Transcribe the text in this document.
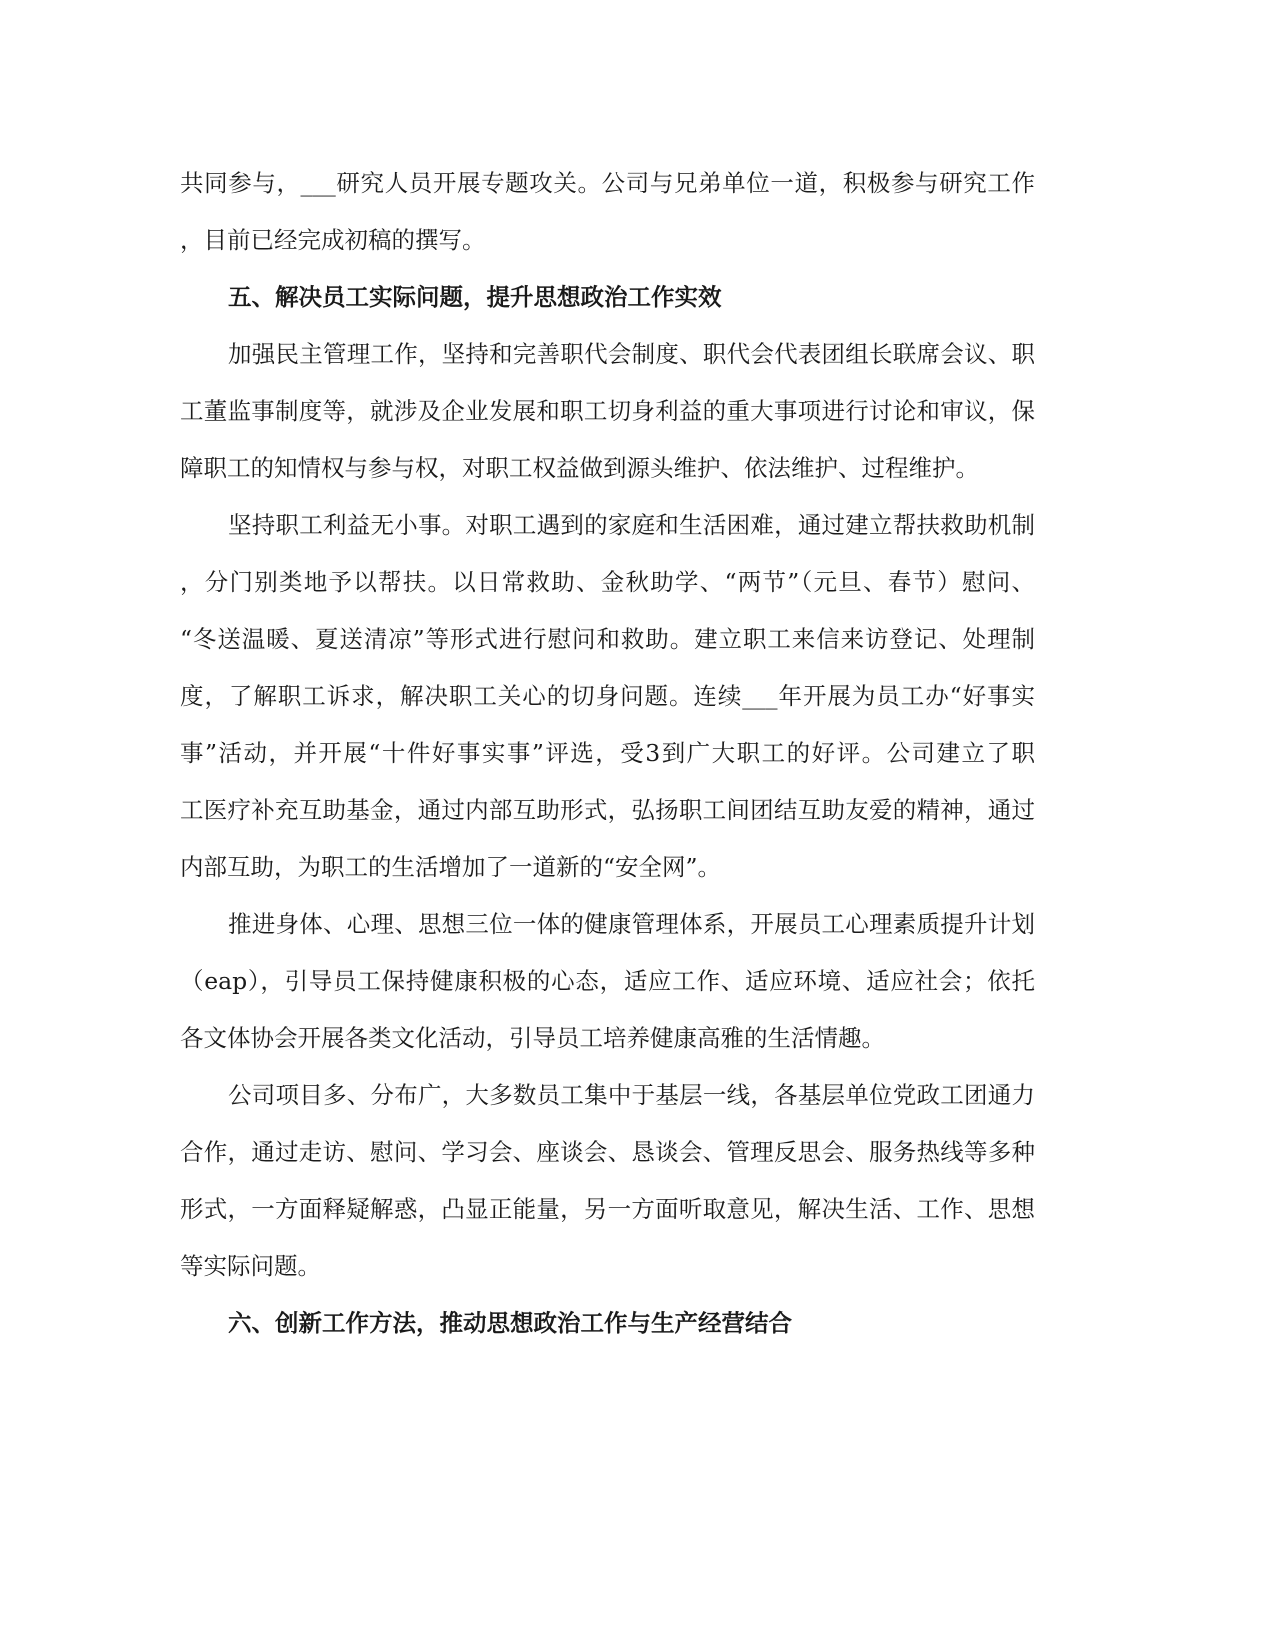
共同参与，___研究人员开展专题攻关。公司与兄弟单位一道，积极参与研究工作
，目前已经完成初稿的撰写。
五、解决员工实际问题，提升思想政治工作实效
加强民主管理工作，坚持和完善职代会制度、职代会代表团组长联席会议、职
工董监事制度等，就涉及企业发展和职工切身利益的重大事项进行讨论和审议，保
障职工的知情权与参与权，对职工权益做到源头维护、依法维护、过程维护。
坚持职工利益无小事。对职工遇到的家庭和生活困难，通过建立帮扶救助机制
，分门别类地予以帮扶。以日常救助、金秋助学、“两节”（元旦、春节）慰问、
“冬送温暖、夏送清凉”等形式进行慰问和救助。建立职工来信来访登记、处理制
度，了解职工诉求，解决职工关心的切身问题。连续___年开展为员工办“好事实
事”活动，并开展“十件好事实事”评选，受3到广大职工的好评。公司建立了职
工医疗补充互助基金，通过内部互助形式，弘扬职工间团结互助友爱的精神，通过
内部互助，为职工的生活增加了一道新的“安全网”。
推进身体、心理、思想三位一体的健康管理体系，开展员工心理素质提升计划
（eap），引导员工保持健康积极的心态，适应工作、适应环境、适应社会；依托
各文体协会开展各类文化活动，引导员工培养健康高雅的生活情趣。
公司项目多、分布广，大多数员工集中于基层一线，各基层单位党政工团通力
合作，通过走访、慰问、学习会、座谈会、恳谈会、管理反思会、服务热线等多种
形式，一方面释疑解惑，凸显正能量，另一方面听取意见，解决生活、工作、思想
等实际问题。
六、创新工作方法，推动思想政治工作与生产经营结合
